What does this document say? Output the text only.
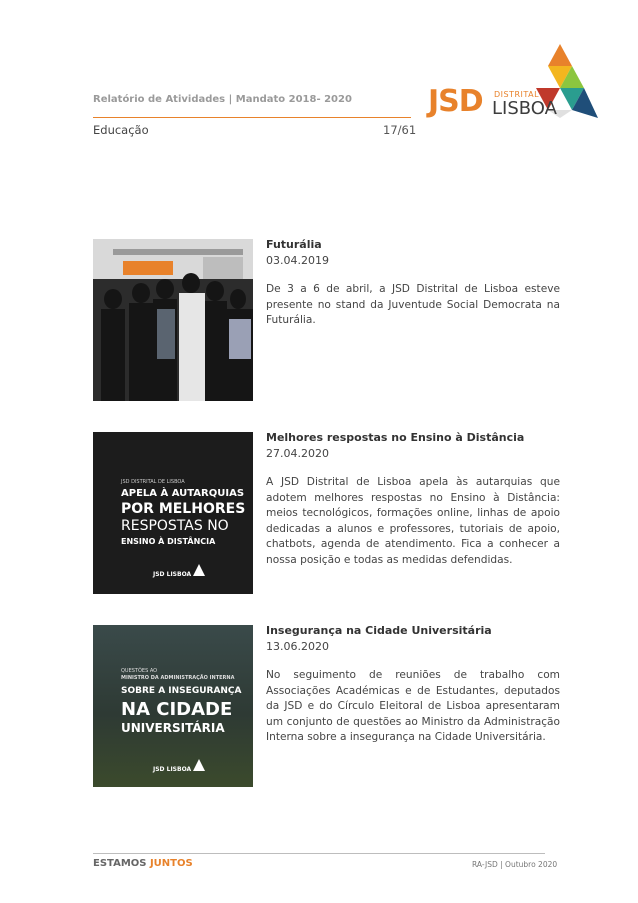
Relatório de Atividades | Mandato 2018- 2020
Educação	17/61
JSD DISTRITAL
LISBOA
Futurália
03.04.2019
De 3 a 6 de abril, a JSD Distrital de Lisboa esteve presente no stand da Juventude Social Democrata na Futurália.
JSD DISTRITAL DE LISBOA
APELA À AUTARQUIAS
POR MELHORES
RESPOSTAS NO
ENSINO À DISTÂNCIA
JSD LISBOA
Melhores respostas no Ensino à Distância
27.04.2020
A JSD Distrital de Lisboa apela às autarquias que adotem melhores respostas no Ensino à Distância: meios tecnológicos, formações online, linhas de apoio dedicadas a alunos e professores, tutoriais de apoio, chatbots, agenda de atendimento. Fica a conhecer a nossa posição e todas as medidas defendidas.
QUESTÕES AO
MINISTRO DA ADMINISTRAÇÃO INTERNA
SOBRE A INSEGURANÇA
NA CIDADE
UNIVERSITÁRIA
JSD LISBOA
Insegurança na Cidade Universitária
13.06.2020
No seguimento de reuniões de trabalho com Associações Académicas e de Estudantes, deputados da JSD e do Círculo Eleitoral de Lisboa apresentaram um conjunto de questões ao Ministro da Administração Interna sobre a insegurança na Cidade Universitária.
ESTAMOS JUNTOS	RA-JSD | Outubro 2020
